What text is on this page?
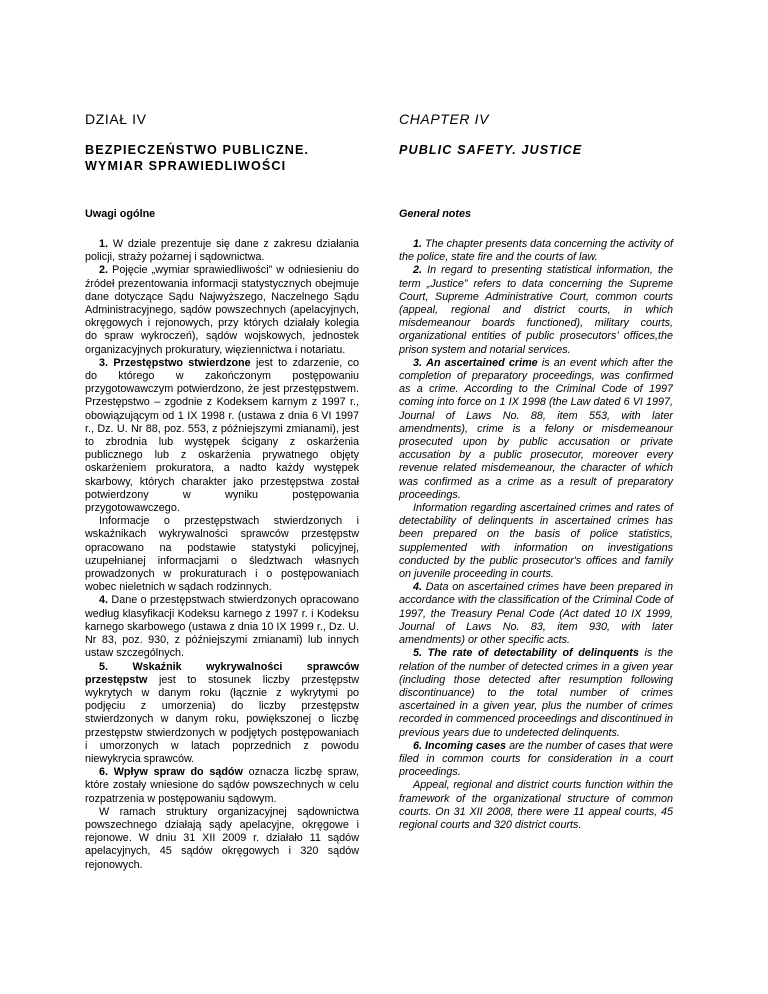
DZIAŁ IV
BEZPIECZEŃSTWO PUBLICZNE.
WYMIAR SPRAWIEDLIWOŚCI
Uwagi ogólne

1. W dziale prezentuje się dane z zakresu działania policji, straży pożarnej i sądownictwa.

2. Pojęcie „wymiar sprawiedliwości” w odniesieniu do źródeł prezentowania informacji statystycznych obejmuje dane dotyczące Sądu Najwyższego, Naczelnego Sądu Administracyjnego, sądów powszechnych (apelacyjnych, okręgowych i rejonowych, przy których działały kolegia do spraw wykroczeń), sądów wojskowych, jednostek organizacyjnych prokuratury, więziennictwa i notariatu.

3. Przestępstwo stwierdzone jest to zdarzenie, co do którego w zakończonym postępowaniu przygotowawczym potwierdzono, że jest przestępstwem. Przestępstwo – zgodnie z Kodeksem karnym z 1997 r., obowiązującym od 1 IX 1998 r. (ustawa z dnia 6 VI 1997 r., Dz. U. Nr 88, poz. 553, z późniejszymi zmianami), jest to zbrodnia lub występek ścigany z oskarżenia publicznego lub z oskarżenia prywatnego objęty oskarżeniem prokuratora, a nadto każdy występek skarbowy, których charakter jako przestępstwa został potwierdzony w wyniku postępowania przygotowawczego.

Informacje o przestępstwach stwierdzonych i wskaźnikach wykrywalności sprawców przestępstw opracowano na podstawie statystyki policyjnej, uzupełnianej informacjami o śledztwach własnych prowadzonych w prokuraturach i o postępowaniach wobec nieletnich w sądach rodzinnych.

4. Dane o przestępstwach stwierdzonych opracowano według klasyfikacji Kodeksu karnego z 1997 r. i Kodeksu karnego skarbowego (ustawa z dnia 10 IX 1999 r., Dz. U. Nr 83, poz. 930, z późniejszymi zmianami) lub innych ustaw szczególnych.

5. Wskaźnik wykrywalności sprawców przestępstw jest to stosunek liczby przestępstw wykrytych w danym roku (łącznie z wykrytymi po podjęciu z umorzenia) do liczby przestępstw stwierdzonych w danym roku, powiększonej o liczbę przestępstw stwierdzonych w podjętych postępowaniach i umorzonych w latach poprzednich z powodu niewykrycia sprawców.

6. Wpływ spraw do sądów oznacza liczbę spraw, które zostały wniesione do sądów powszechnych w celu rozpatrzenia w postępowaniu sądowym.

W ramach struktury organizacyjnej sądownictwa powszechnego działają sądy apelacyjne, okręgowe i rejonowe. W dniu 31 XII 2009 r. działało 11 sądów apelacyjnych, 45 sądów okręgowych i 320 sądów rejonowych.

CHAPTER IV
PUBLIC SAFETY. JUSTICE
General notes

1. The chapter presents data concerning the activity of the police, state fire and the courts of law.

2. In regard to presenting statistical information, the term „Justice” refers to data concerning the Supreme Court, Supreme Administrative Court, common courts (appeal, regional and district courts, in which misdemeanour boards functioned), military courts, organizational entities of public prosecutors’ offices,the prison system and notarial services.

3. An ascertained crime is an event which after the completion of preparatory proceedings, was confirmed as a crime. According to the Criminal Code of 1997 coming into force on 1 IX 1998 (the Law dated 6 VI 1997, Journal of Laws No. 88, item 553, with later amendments), crime is a felony or misdemeanour prosecuted upon by public accusation or private accusation by a public prosecutor, moreover every revenue related misdemeanour, the character of which was confirmed as a crime as a result of preparatory proceedings.

Information regarding ascertained crimes and rates of detectability of delinquents in ascertained crimes has been prepared on the basis of police statistics, supplemented with information on investigations conducted by the public prosecutor's offices and family on juvenile proceeding in courts.

4. Data on ascertained crimes have been prepared in accordance with the classification of the Criminal Code of 1997, the Treasury Penal Code (Act dated 10 IX 1999, Journal of Laws No. 83, item 930, with later amendments) or other specific acts.

5. The rate of detectability of delinquents is the relation of the number of detected crimes in a given year (including those detected after resumption following discontinuance) to the total number of crimes ascertained in a given year, plus the number of crimes recorded in commenced proceedings and discontinued in previous years due to undetected delinquents.

6. Incoming cases are the number of cases that were filed in common courts for consideration in a court proceedings.

Appeal, regional and district courts function within the framework of the organizational structure of common courts. On 31 XII 2008, there were 11 appeal courts, 45 regional courts and 320 district courts.
